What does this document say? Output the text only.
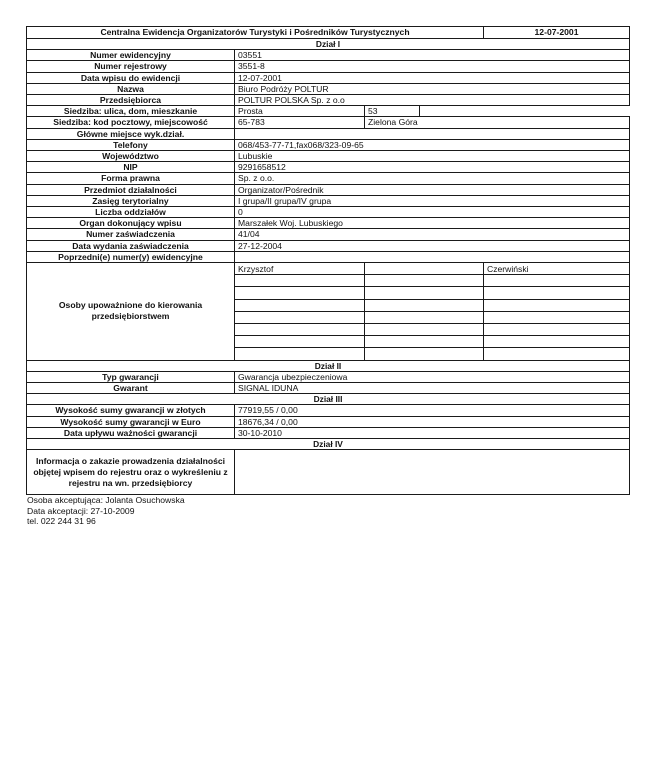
Centralna Ewidencja Organizatorów Turystyki i Pośredników Turystycznych				12-07-2001
Dział I				
Numer ewidencyjny	03551			
Numer rejestrowy	3551-8			
Data wpisu do ewidencji	12-07-2001			
Nazwa	Biuro Podróży POLTUR			
Przedsiębiorca	POLTUR POLSKA Sp. z o.o			
Siedziba: ulica, dom, mieszkanie	Prosta	53		
Siedziba: kod pocztowy, miejscowość	65-783	Zielona Góra		
Główne miejsce wyk.dział.				
Telefony	068/453-77-71,fax068/323-09-65			
Województwo	Lubuskie			
NIP	9291658512			
Forma prawna	Sp. z o.o.			
Przedmiot działalności	Organizator/Pośrednik			
Zasięg terytorialny	I grupa/II grupa/IV grupa			
Liczba oddziałów	0			
Organ dokonujący wpisu	Marszałek Woj. Lubuskiego			
Numer zaświadczenia	41/04			
Data wydania zaświadczenia	27-12-2004			
Poprzedni(e) numer(y) ewidencyjne				
Osoby upoważnione do kierowania przedsiębiorstwem	Krzysztof			Czerwiński

Dział II				
Typ gwarancji	Gwarancja ubezpieczeniowa			
Gwarant	SIGNAL IDUNA			
Dział III				
Wysokość sumy gwarancji w złotych	77919,55 / 0,00			
Wysokość sumy gwarancji w Euro	18676,34 / 0,00			
Data upływu ważności gwarancji	30-10-2010			
Dział IV				
Informacja o zakazie prowadzenia działalności objętej wpisem do rejestru oraz o wykreśleniu z rejestru na wn. przedsiębiorcy				
Osoba akceptująca: Jolanta Osuchowska
Data akceptacji: 27-10-2009
tel. 022 244 31 96
